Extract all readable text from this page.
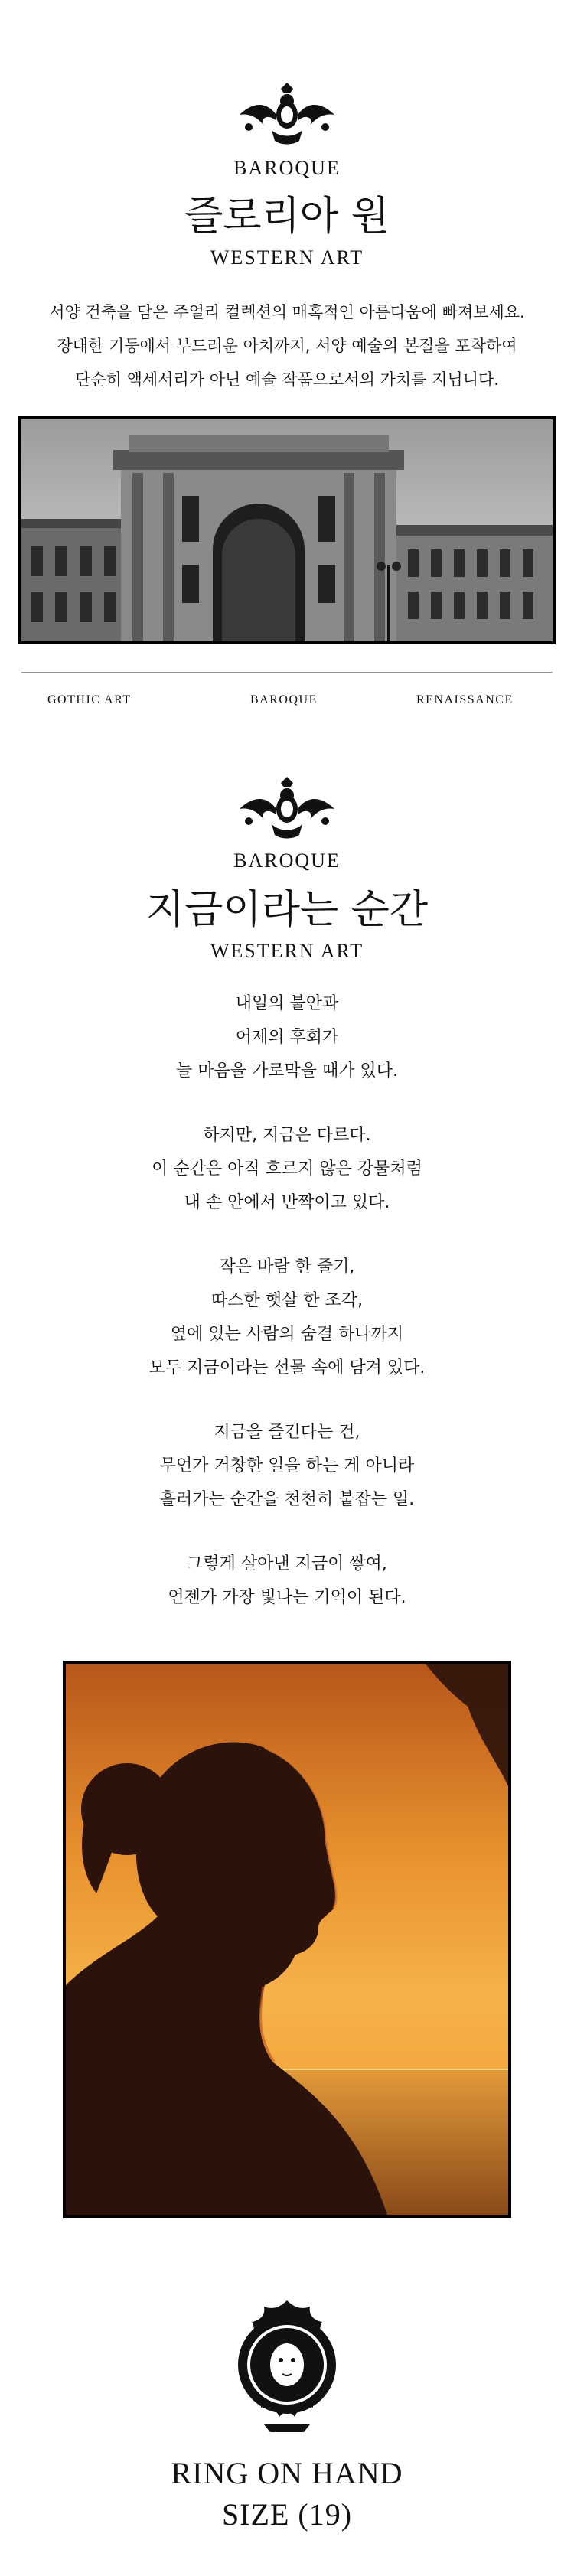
BAROQUE
즐로리아 원
WESTERN ART

서양 건축을 담은 주얼리 컬렉션의 매혹적인 아름다움에 빠져보세요.

장대한 기둥에서 부드러운 아치까지, 서양 예술의 본질을 포착하여

단순히 액세서리가 아닌 예술 작품으로서의 가치를 지닙니다.

GOTHIC ART	BAROQUE	RENAISSANCE
BAROQUE
지금이라는 순간
WESTERN ART

내일의 불안과

어제의 후회가

늘 마음을 가로막을 때가 있다.

하지만, 지금은 다르다.

이 순간은 아직 흐르지 않은 강물처럼

내 손 안에서 반짝이고 있다.

작은 바람 한 줄기,

따스한 햇살 한 조각,

옆에 있는 사람의 숨결 하나까지

모두 지금이라는 선물 속에 담겨 있다.

지금을 즐긴다는 건,

무언가 거창한 일을 하는 게 아니라

흘러가는 순간을 천천히 붙잡는 일.

그렇게 살아낸 지금이 쌓여,

언젠가 가장 빛나는 기억이 된다.

RING ON HAND
SIZE (19)
